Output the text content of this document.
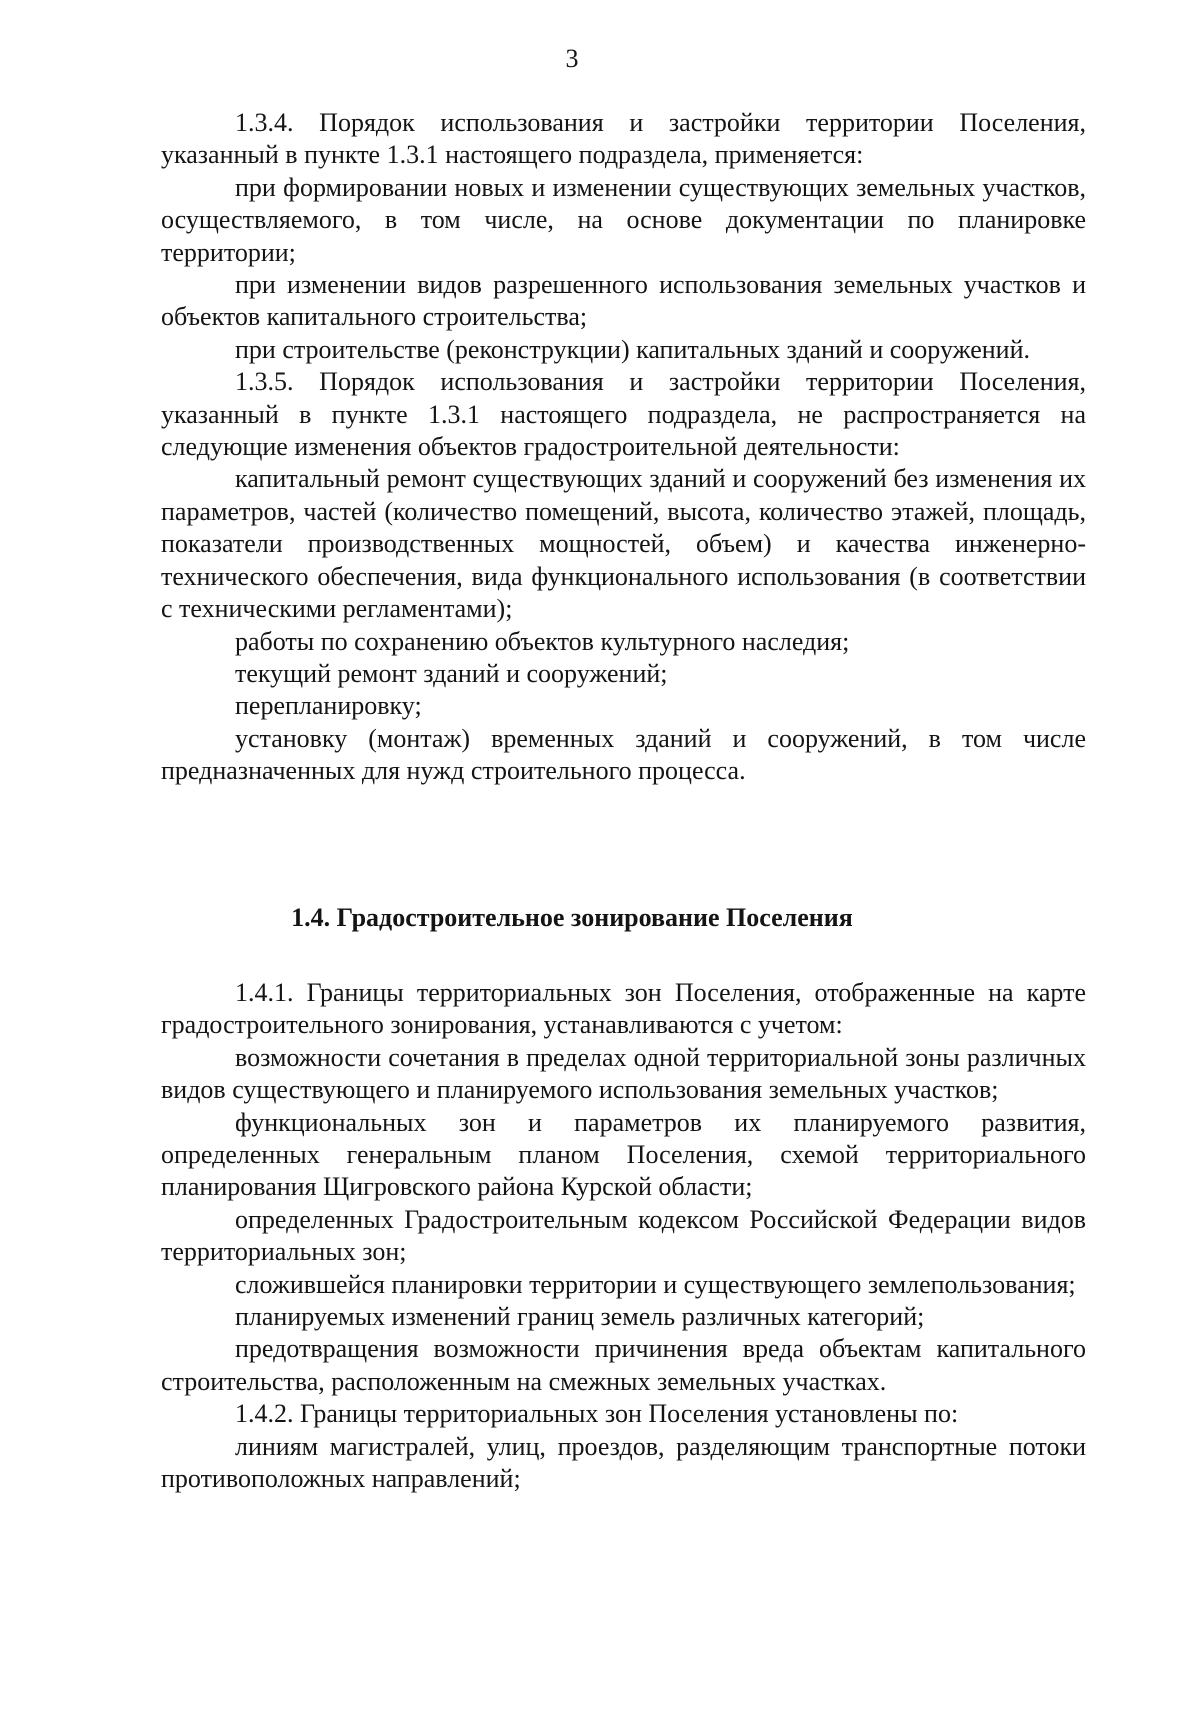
3

1.3.4. Порядок использования и застройки территории Поселения, указанный в пункте 1.3.1 настоящего подраздела, применяется:

при формировании новых и изменении существующих земельных участков, осуществляемого, в том числе, на основе документации по планировке территории;

при изменении видов разрешенного использования земельных участков и объектов капитального строительства;

при строительстве (реконструкции) капитальных зданий и сооружений.

1.3.5. Порядок использования и застройки территории Поселения, указанный в пункте 1.3.1 настоящего подраздела, не распространяется на следующие изменения объектов градостроительной деятельности:

капитальный ремонт существующих зданий и сооружений без изменения их параметров, частей (количество помещений, высота, количество этажей, площадь, показатели производственных мощностей, объем) и качества инженерно-технического обеспечения, вида функционального использования (в соответствии с техническими регламентами);

работы по сохранению объектов культурного наследия;

текущий ремонт зданий и сооружений;

перепланировку;

установку (монтаж) временных зданий и сооружений, в том числе предназначенных для нужд строительного процесса.

1.4. Градостроительное зонирование Поселения

1.4.1. Границы территориальных зон Поселения, отображенные на карте градостроительного зонирования, устанавливаются с учетом:

возможности сочетания в пределах одной территориальной зоны различных видов существующего и планируемого использования земельных участков;

функциональных зон и параметров их планируемого развития, определенных генеральным планом Поселения, схемой территориального планирования Щигровского района Курской области;

определенных Градостроительным кодексом Российской Федерации видов территориальных зон;

сложившейся планировки территории и существующего землепользования;

планируемых изменений границ земель различных категорий;

предотвращения возможности причинения вреда объектам капитального строительства, расположенным на смежных земельных участках.

1.4.2. Границы территориальных зон Поселения установлены по:

линиям магистралей, улиц, проездов, разделяющим транспортные потоки противоположных направлений;
